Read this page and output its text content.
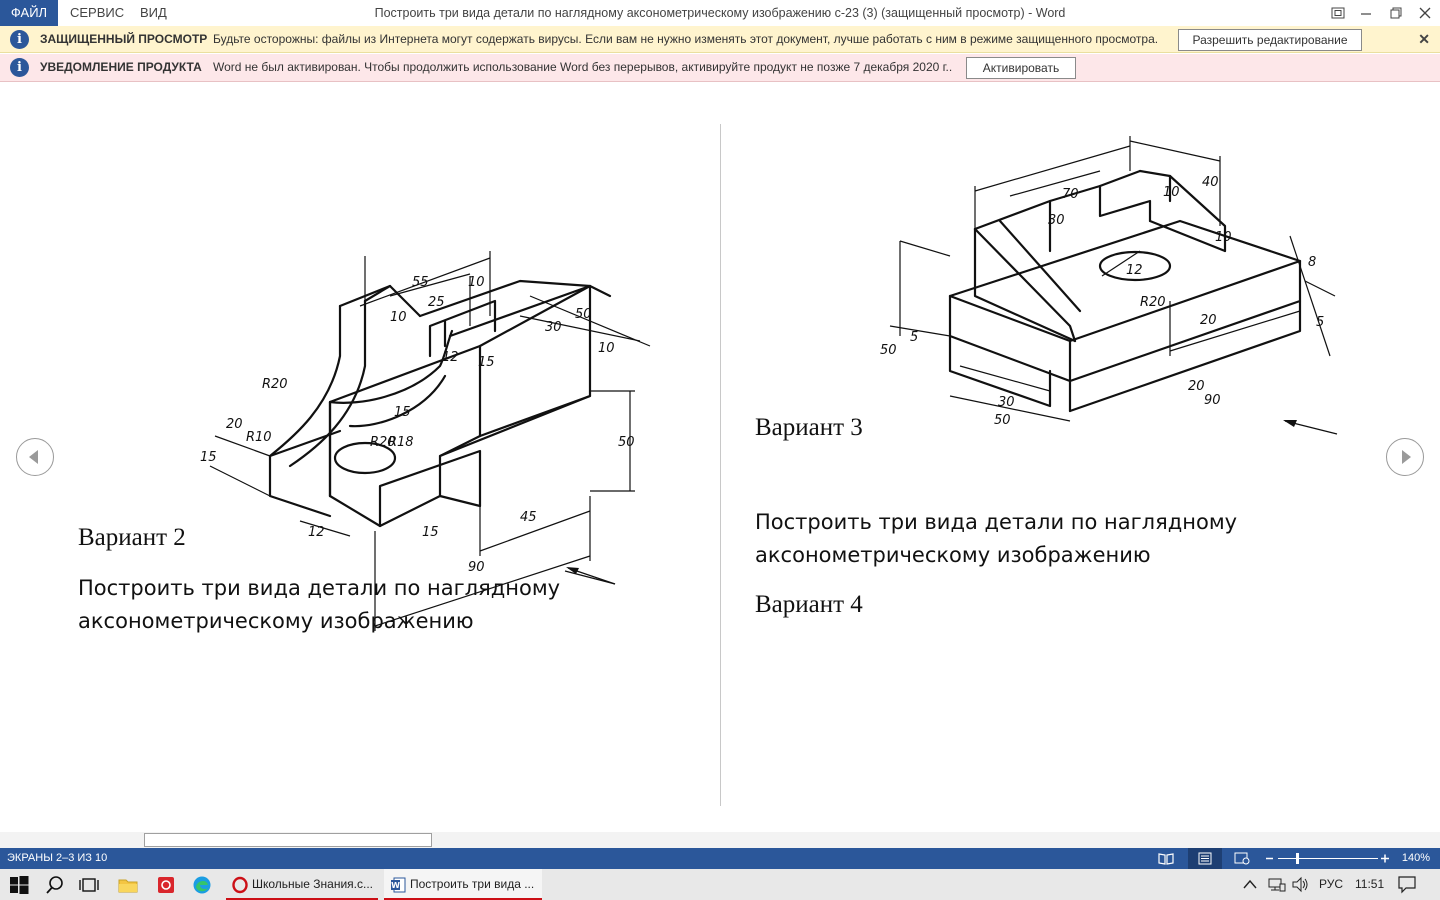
ФАЙЛ	СЕРВИС ВИД	Построить три вида детали по наглядному аксонометрическому изображению с-23 (3) (защищенный просмотр) - Word
i	ЗАЩИЩЕННЫЙ ПРОСМОТР Будьте осторожны: файлы из Интернета могут содержать вирусы. Если вам не нужно изменять этот документ, лучше работать с ним в режиме защищенного просмотра.	Разрешить редактирование	✕
i	УВЕДОМЛЕНИЕ ПРОДУКТА Word не был активирован. Чтобы продолжить использование Word без перерывов, активируйте продукт не позже 7 декабря 2020 г..	Активировать
55
25
10
10	50
30
10
12 15
15
R20
20
R10
15
R18
R20	50
45
15
12
90
Вариант 2
Построить три вида детали по наглядному аксонометрическому изображению
70	10
40
30
10
12
8
50
5
R20
20	5
30
50
20
90
Вариант 3
Построить три вида детали по наглядному аксонометрическому изображению
Вариант 4
ЭКРАНЫ 2–3 ИЗ 10	140%
Школьные Знания.c...	W Построить три вида ...	РУС 11:51
